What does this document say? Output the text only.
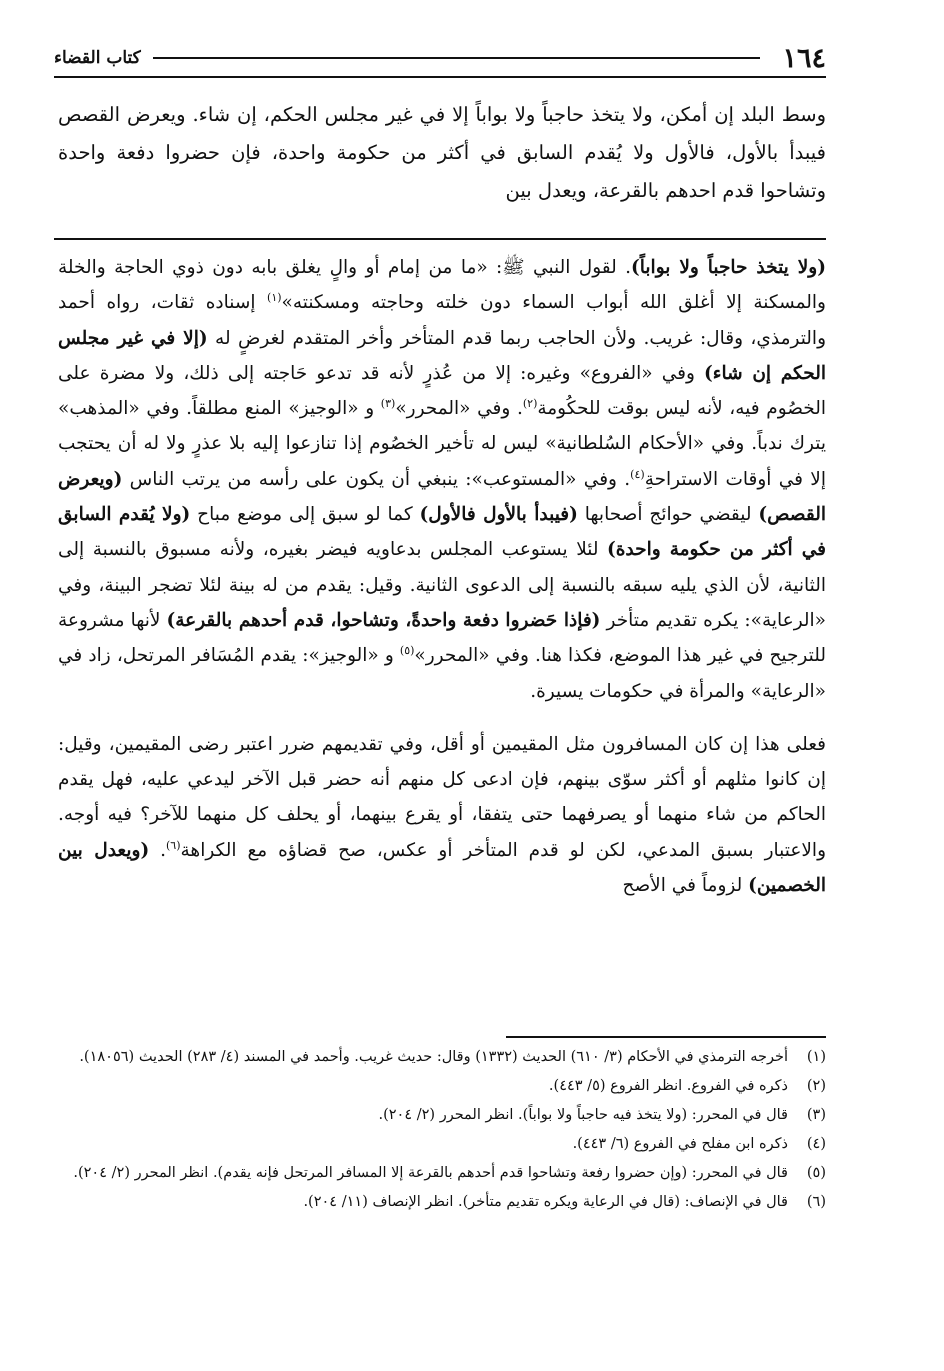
١٦٤
كتاب القضاء

وسط البلد إن أمكن، ولا يتخذ حاجباً ولا بواباً إلا في غير مجلس الحكم، إن شاء. ويعرض القصص فيبدأ بالأول، فالأول ولا يُقدم السابق في أكثر من حكومة واحدة، فإن حضروا دفعة واحدة وتشاحوا قدم احدهم بالقرعة، ويعدل بين

(ولا يتخذ حاجباً ولا بواباً). لقول النبي ﷺ: «ما من إمام أو والٍ يغلق بابه دون ذوي الحاجة والخلة والمسكنة إلا أغلق الله أبواب السماء دون خلته وحاجته ومسكنته»$^{(١)}$ إسناده ثقات، رواه أحمد والترمذي، وقال: غريب. ولأن الحاجب ربما قدم المتأخر وأخر المتقدم لغرضٍ له (إلا في غير مجلس الحكم إن شاء) وفي «الفروع» وغيره: إلا من عُذرٍ لأنه قد تدعو حَاجته إلى ذلك، ولا مضرة على الخصُوم فيه، لأنه ليس بوقت للحكُومة$^{(٢)}$. وفي «المحرر»$^{(٣)}$ و «الوجيز» المنع مطلقاً. وفي «المذهب» يترك ندباً. وفي «الأحكام السُلطانية» ليس له تأخير الخصُوم إذا تنازعوا إليه بلا عذرٍ ولا له أن يحتجب إلا في أوقات الاستراحةِ$^{(٤)}$. وفي «المستوعب»: ينبغي أن يكون على رأسه من يرتب الناس (ويعرض القصص) ليقضي حوائج أصحابها (فيبدأ بالأول فالأول) كما لو سبق إلى موضع مباح (ولا يُقدم السابق في أكثر من حكومة واحدة) لئلا يستوعب المجلس بدعاويه فيضر بغيره، ولأنه مسبوق بالنسبة إلى الثانية، لأن الذي يليه سبقه بالنسبة إلى الدعوى الثانية. وقيل: يقدم من له بينة لئلا تضجر البينة، وفي «الرعاية»: يكره تقديم متأخر (فإذا حَضروا دفعة واحدةً، وتشاحوا، قدم أحدهم بالقرعة) لأنها مشروعة للترجيح في غير هذا الموضع، فكذا هنا. وفي «المحرر»$^{(٥)}$ و «الوجيز»: يقدم المُسَافر المرتحل، زاد في «الرعاية» والمرأة في حكومات يسيرة.

فعلى هذا إن كان المسافرون مثل المقيمين أو أقل، وفي تقديمهم ضرر اعتبر رضى المقيمين، وقيل: إن كانوا مثلهم أو أكثر سوّى بينهم، فإن ادعى كل منهم أنه حضر قبل الآخر ليدعي عليه، فهل يقدم الحاكم من شاء منهما أو يصرفهما حتى يتفقا، أو يقرع بينهما، أو يحلف كل منهما للآخر؟ فيه أوجه. والاعتبار بسبق المدعي، لكن لو قدم المتأخر أو عكس، صح قضاؤه مع الكراهة$^{(٦)}$. (ويعدل بين الخصمين) لزوماً في الأصح

(١)
أخرجه الترمذي في الأحكام (٣/ ٦١٠) الحديث (١٣٣٢) وقال: حديث غريب. وأحمد في المسند (٤/ ٢٨٣) الحديث (١٨٠٥٦).
(٢)
ذكره في الفروع. انظر الفروع (٥/ ٤٤٣).
(٣)
قال في المحرر: (ولا يتخذ فيه حاجباً ولا بواباً). انظر المحرر (٢/ ٢٠٤).
(٤)
ذكره ابن مفلح في الفروع (٦/ ٤٤٣).
(٥)
قال في المحرر: (وإن حضروا رفعة وتشاحوا قدم أحدهم بالقرعة إلا المسافر المرتحل فإنه يقدم). انظر المحرر (٢/ ٢٠٤).
(٦)
قال في الإنصاف: (قال في الرعاية ويكره تقديم متأخر). انظر الإنصاف (١١/ ٢٠٤).
